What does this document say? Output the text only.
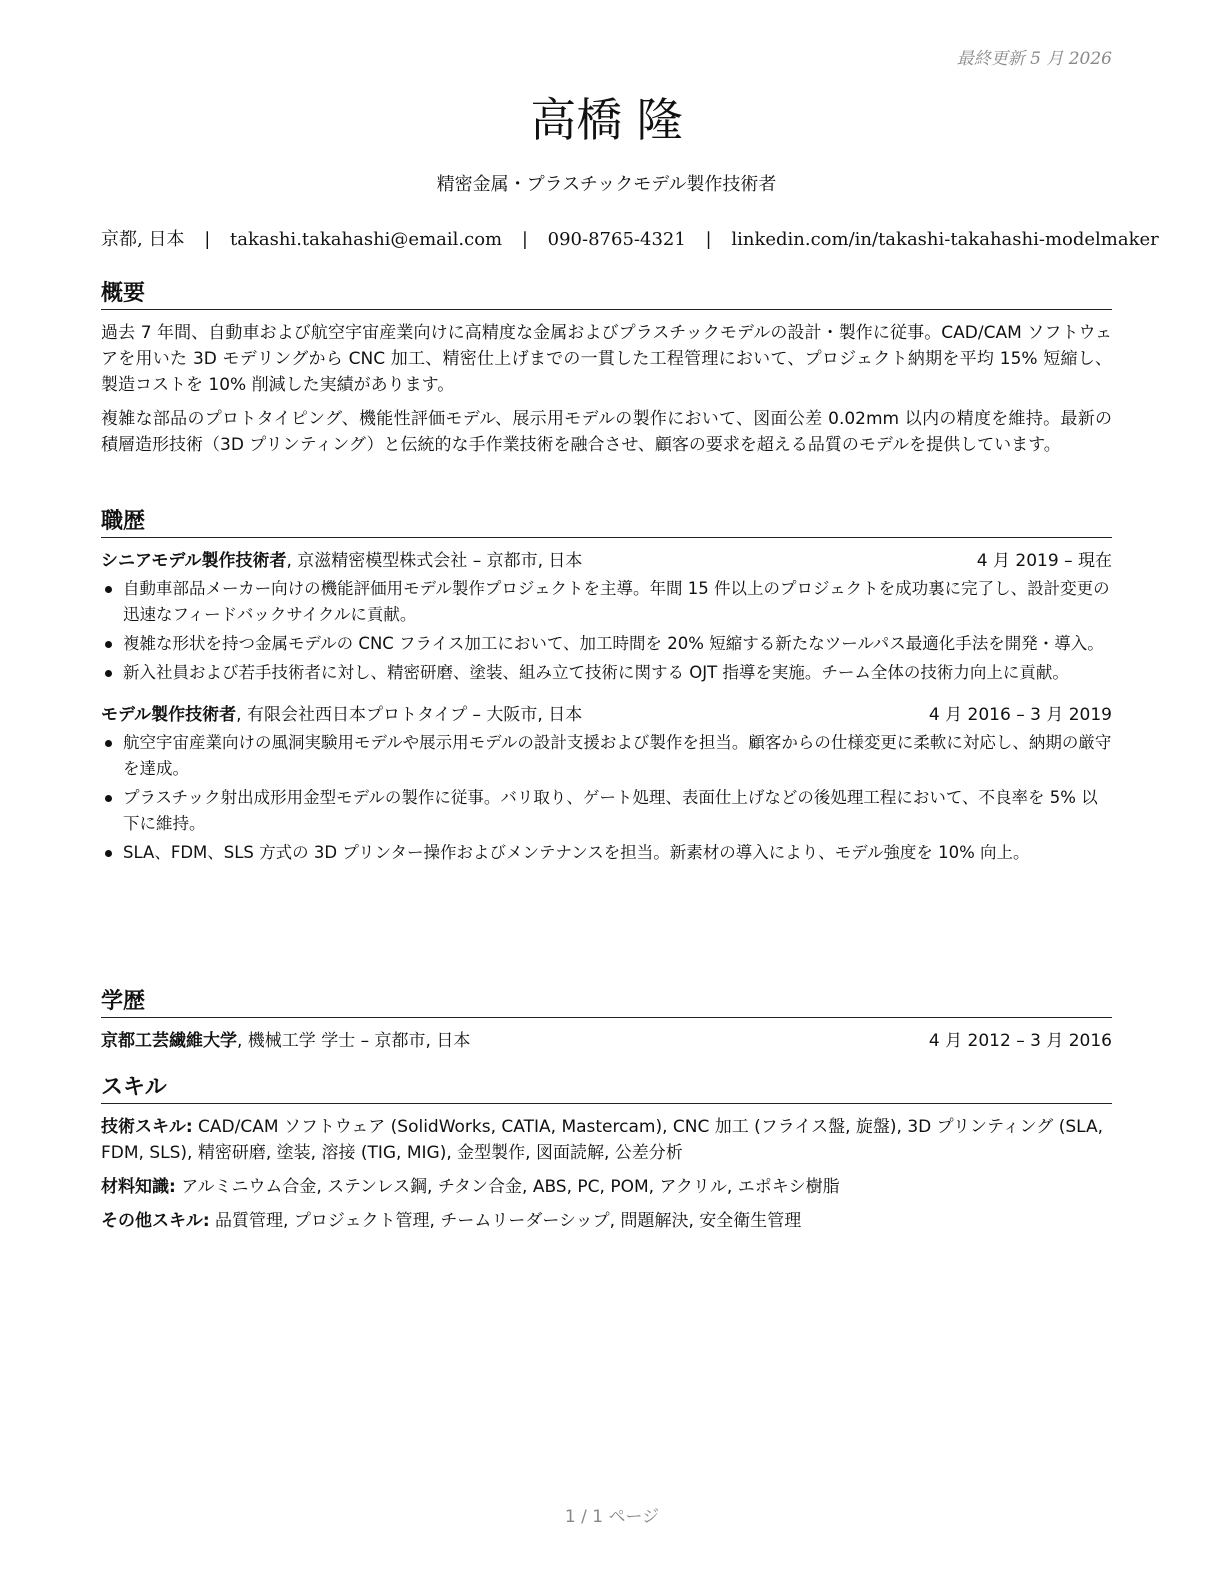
最終更新 5 月 2026
高橋 隆
精密金属・プラスチックモデル製作技術者
京都, 日本 | takashi.takahashi@email.com | 090-8765-4321 | linkedin.com/in/takashi-takahashi-modelmaker
概要

過去 7 年間、自動車および航空宇宙産業向けに高精度な金属およびプラスチックモデルの設計・製作に従事。CAD/CAM ソフトウェアを用いた 3D モデリングから CNC 加工、精密仕上げまでの一貫した工程管理において、プロジェクト納期を平均 15% 短縮し、製造コストを 10% 削減した実績があります。

複雑な部品のプロトタイピング、機能性評価モデル、展示用モデルの製作において、図面公差 0.02mm 以内の精度を維持。最新の積層造形技術（3D プリンティング）と伝統的な手作業技術を融合させ、顧客の要求を超える品質のモデルを提供しています。

職歴
シニアモデル製作技術者, 京滋精密模型株式会社 – 京都市, 日本	4 月 2019 – 現在
自動車部品メーカー向けの機能評価用モデル製作プロジェクトを主導。年間 15 件以上のプロジェクトを成功裏に完了し、設計変更の迅速なフィードバックサイクルに貢献。
複雑な形状を持つ金属モデルの CNC フライス加工において、加工時間を 20% 短縮する新たなツールパス最適化手法を開発・導入。
新入社員および若手技術者に対し、精密研磨、塗装、組み立て技術に関する OJT 指導を実施。チーム全体の技術力向上に貢献。
モデル製作技術者, 有限会社西日本プロトタイプ – 大阪市, 日本	4 月 2016 – 3 月 2019
航空宇宙産業向けの風洞実験用モデルや展示用モデルの設計支援および製作を担当。顧客からの仕様変更に柔軟に対応し、納期の厳守を達成。
プラスチック射出成形用金型モデルの製作に従事。バリ取り、ゲート処理、表面仕上げなどの後処理工程において、不良率を 5% 以下に維持。
SLA、FDM、SLS 方式の 3D プリンター操作およびメンテナンスを担当。新素材の導入により、モデル強度を 10% 向上。
学歴
京都工芸繊維大学, 機械工学 学士 – 京都市, 日本	4 月 2012 – 3 月 2016
スキル
技術スキル: CAD/CAM ソフトウェア (SolidWorks, CATIA, Mastercam), CNC 加工 (フライス盤, 旋盤), 3D プリンティング (SLA, FDM, SLS), 精密研磨, 塗装, 溶接 (TIG, MIG), 金型製作, 図面読解, 公差分析
材料知識: アルミニウム合金, ステンレス鋼, チタン合金, ABS, PC, POM, アクリル, エポキシ樹脂
その他スキル: 品質管理, プロジェクト管理, チームリーダーシップ, 問題解決, 安全衛生管理
1 / 1 ページ
